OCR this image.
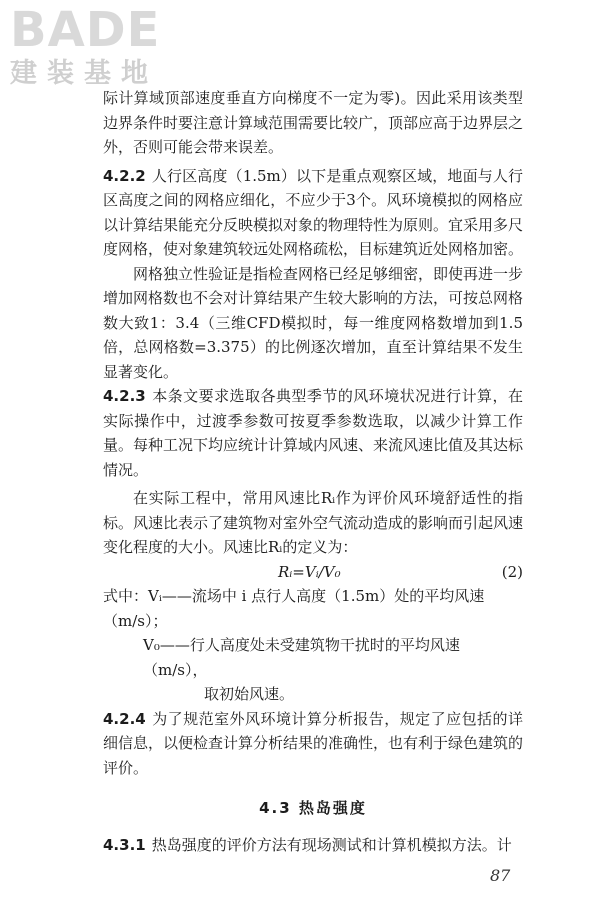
BADE
建装基地

际计算域顶部速度垂直方向梯度不一定为零)。因此采用该类型边界条件时要注意计算域范围需要比较广，顶部应高于边界层之外，否则可能会带来误差。

4.2.2 人行区高度（1.5m）以下是重点观察区域，地面与人行区高度之间的网格应细化，不应少于3个。风环境模拟的网格应以计算结果能充分反映模拟对象的物理特性为原则。宜采用多尺度网格，使对象建筑较远处网格疏松，目标建筑近处网格加密。

网格独立性验证是指检查网格已经足够细密，即使再进一步增加网格数也不会对计算结果产生较大影响的方法，可按总网格数大致1：3.4（三维CFD模拟时，每一维度网格数增加到1.5倍，总网格数=3.375）的比例逐次增加，直至计算结果不发生显著变化。

4.2.3 本条文要求选取各典型季节的风环境状况进行计算，在实际操作中，过渡季参数可按夏季参数选取，以减少计算工作量。每种工况下均应统计计算域内风速、来流风速比值及其达标情况。

在实际工程中，常用风速比Rᵢ作为评价风环境舒适性的指标。风速比表示了建筑物对室外空气流动造成的影响而引起风速变化程度的大小。风速比Rᵢ的定义为：

Rᵢ=Vᵢ/V₀	(2)
式中：Vᵢ——流场中 i 点行人高度（1.5m）处的平均风速（m/s）；
V₀——行人高度处未受建筑物干扰时的平均风速（m/s），
取初始风速。

4.2.4 为了规范室外风环境计算分析报告，规定了应包括的详细信息，以便检查计算分析结果的准确性，也有利于绿色建筑的评价。

4.3 热岛强度

4.3.1 热岛强度的评价方法有现场测试和计算机模拟方法。计

87
